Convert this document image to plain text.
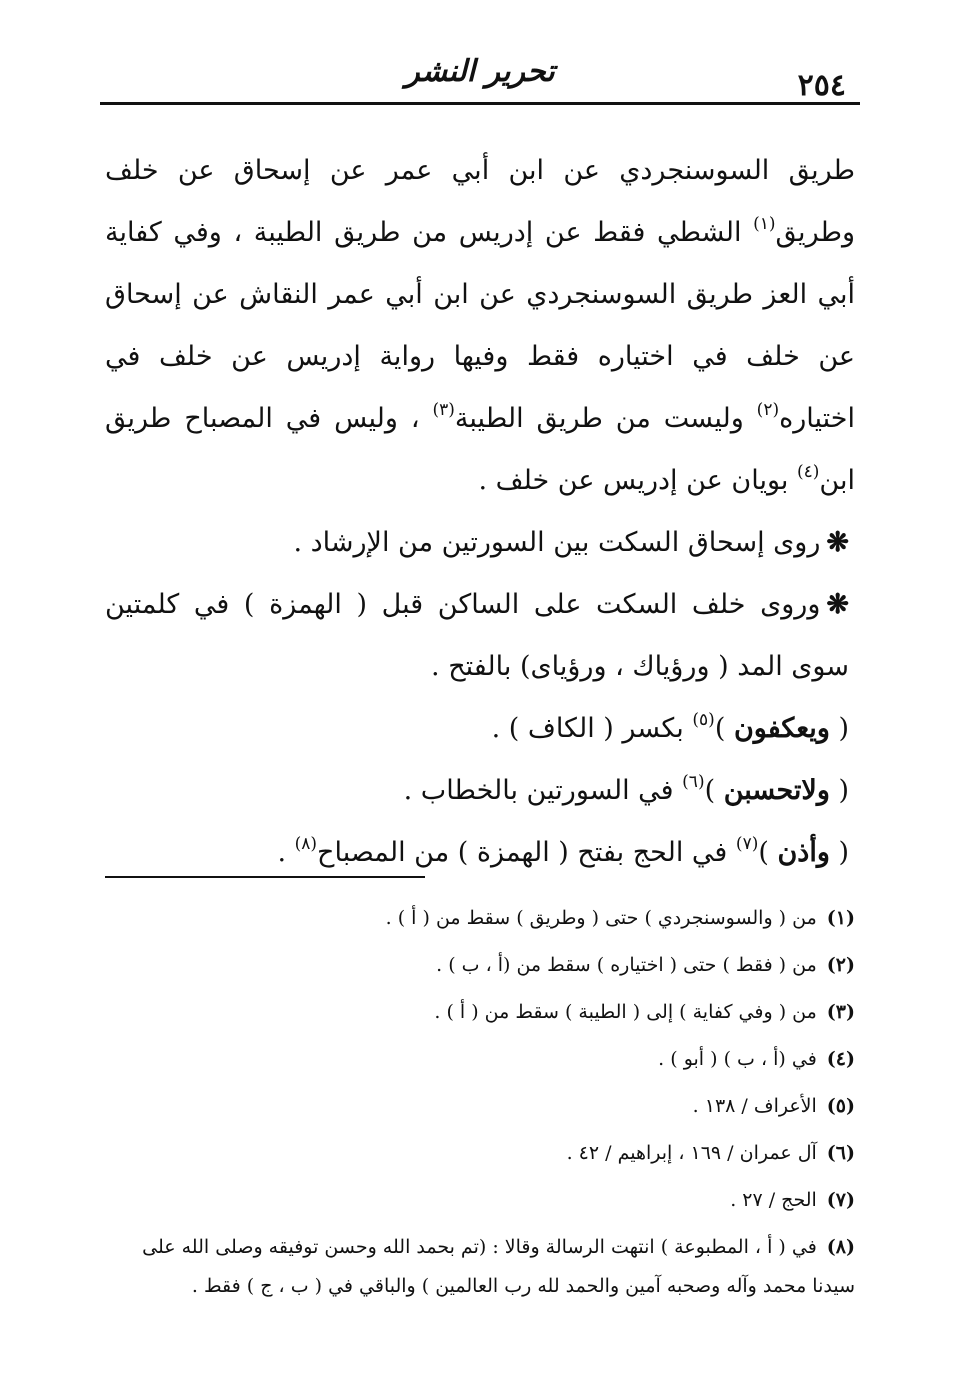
٢٥٤
تحرير النشر

طريق السوسنجردي عن ابن أبي عمر عن إسحاق عن خلف وطريق$^{(١)}$ الشطي فقط عن إدريس من طريق الطيبة ، وفي كفاية أبي العز طريق السوسنجردي عن ابن أبي عمر النقاش عن إسحاق عن خلف في اختياره فقط وفيها رواية إدريس عن خلف في اختياره$^{(٢)}$ وليست من طريق الطيبة$^{(٣)}$ ، وليس في المصباح طريق ابن$^{(٤)}$ بويان عن إدريس عن خلف .

❋روى إسحاق السكت بين السورتين من الإرشاد .

❋وروى خلف السكت على الساكن قبل ( الهمزة ) في كلمتين سوى المد ( ورؤياك ، ورؤياى) بالفتح .

( ويعكفون )$^{(٥)}$ بكسر ( الكاف ) .

( ولاتحسبن )$^{(٦)}$ في السورتين بالخطاب .

( وأذن )$^{(٧)}$ في الحج بفتح ( الهمزة ) من المصباح$^{(٨)}$ .

(١)من ( والسوسنجردي ) حتى ( وطريق ) سقط من ( أ ) .

(٢)من ( فقط ) حتى ( اختياره ) سقط من (أ ، ب ) .

(٣)من ( وفي كفاية ) إلى ( الطيبة ) سقط من ( أ ) .

(٤)في (أ ، ب ) ( أبو ) .

(٥)الأعراف / ١٣٨ .

(٦)آل عمران / ١٦٩ ، إبراهيم / ٤٢ .

(٧)الحج / ٢٧ .

(٨)في ( أ ، المطبوعة ) انتهت الرسالة وقالا : (تم بحمد الله وحسن توفيقه وصلى الله على سيدنا محمد وآله وصحبه آمين والحمد لله رب العالمين ) والباقي في ( ب ، ج ) فقط .
